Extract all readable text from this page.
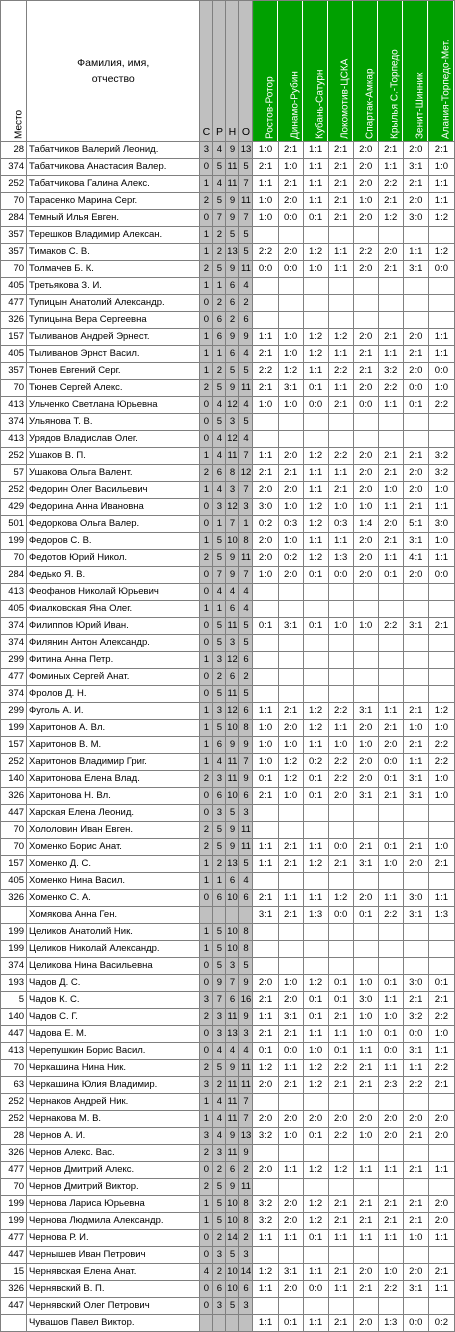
Место	Фамилия, имя,
отчество	С	Р	Н	О	Ростов-Ротор	Динамо-Рубин	Кубань-Сатурн	Локомотив-ЦСКА	Спартак-Амкар	Крылья С.-Торпедо	Зенит-Шинник	Алания-Торпедо-Мет.
28	Табатчиков Валерий Леонид.	3	4	9	13	1:0	2:1	1:1	2:1	2:0	2:1	2:0	2:1
374	Табатчикова Анастасия Валер.	0	5	11	5	2:1	1:0	1:1	2:1	2:0	1:1	3:1	1:0
252	Табатчикова Галина Алекс.	1	4	11	7	1:1	2:1	1:1	2:1	2:0	2:2	2:1	1:1
70	Тарасенко Марина Серг.	2	5	9	11	1:0	2:0	1:1	2:1	1:0	2:1	2:0	1:1
284	Темный Илья Евген.	0	7	9	7	1:0	0:0	0:1	2:1	2:0	1:2	3:0	1:2
357	Терешков Владимир Алексан.	1	2	5	5								
357	Тимаков С. В.	1	2	13	5	2:2	2:0	1:2	1:1	2:2	2:0	1:1	1:2
70	Толмачев Б. К.	2	5	9	11	0:0	0:0	1:0	1:1	2:0	2:1	3:1	0:0
405	Третьякова З. И.	1	1	6	4								
477	Тупицын Анатолий Александр.	0	2	6	2								
326	Тупицына Вера Сергеевна	0	6	2	6								
157	Тыливанов Андрей Эрнест.	1	6	9	9	1:1	1:0	1:2	1:2	2:0	2:1	2:0	1:1
405	Тыливанов Эрнст Васил.	1	1	6	4	2:1	1:0	1:2	1:1	2:1	1:1	2:1	1:1
357	Тюнев Евгений Серг.	1	2	5	5	2:2	1:2	1:1	2:2	2:1	3:2	2:0	0:0
70	Тюнев Сергей Алекс.	2	5	9	11	2:1	3:1	0:1	1:1	2:0	2:2	0:0	1:0
413	Ульченко Светлана Юрьевна	0	4	12	4	1:0	1:0	0:0	2:1	0:0	1:1	0:1	2:2
374	Ульянова Т. В.	0	5	3	5								
413	Урядов Владислав Олег.	0	4	12	4								
252	Ушаков В. П.	1	4	11	7	1:1	2:0	1:2	2:2	2:0	2:1	2:1	3:2
57	Ушакова Ольга Валент.	2	6	8	12	2:1	2:1	1:1	1:1	2:0	2:1	2:0	3:2
252	Федорин Олег Васильевич	1	4	3	7	2:0	2:0	1:1	2:1	2:0	1:0	2:0	1:0
429	Федорина Анна Ивановна	0	3	12	3	3:0	1:0	1:2	1:0	1:0	1:1	2:1	1:1
501	Федоркова Ольга Валер.	0	1	7	1	0:2	0:3	1:2	0:3	1:4	2:0	5:1	3:0
199	Федоров С. В.	1	5	10	8	2:0	1:0	1:1	1:1	2:0	2:1	3:1	1:0
70	Федотов Юрий Никол.	2	5	9	11	2:0	0:2	1:2	1:3	2:0	1:1	4:1	1:1
284	Федько Я. В.	0	7	9	7	1:0	2:0	0:1	0:0	2:0	0:1	2:0	0:0
413	Феофанов Николай Юрьевич	0	4	4	4								
405	Фиалковская Яна Олег.	1	1	6	4								
374	Филиппов Юрий Иван.	0	5	11	5	0:1	3:1	0:1	1:0	1:0	2:2	3:1	2:1
374	Филянин Антон Александр.	0	5	3	5								
299	Фитина Анна Петр.	1	3	12	6								
477	Фоминых Сергей Анат.	0	2	6	2								
374	Фролов Д. Н.	0	5	11	5								
299	Фуголь А. И.	1	3	12	6	1:1	2:1	1:2	2:2	3:1	1:1	2:1	1:2
199	Харитонов А. Вл.	1	5	10	8	1:0	2:0	1:2	1:1	2:0	2:1	1:0	1:0
157	Харитонов В. М.	1	6	9	9	1:0	1:0	1:1	1:0	1:0	2:0	2:1	2:2
252	Харитонов Владимир Григ.	1	4	11	7	1:0	1:2	0:2	2:2	2:0	0:0	1:1	2:2
140	Харитонова Елена Влад.	2	3	11	9	0:1	1:2	0:1	2:2	2:0	0:1	3:1	1:0
326	Харитонова Н. Вл.	0	6	10	6	2:1	1:0	0:1	2:0	3:1	2:1	3:1	1:0
447	Харская Елена Леонид.	0	3	5	3								
70	Хололовин Иван Евген.	2	5	9	11								
70	Хоменко Борис Анат.	2	5	9	11	1:1	2:1	1:1	0:0	2:1	0:1	2:1	1:0
157	Хоменко Д. С.	1	2	13	5	1:1	2:1	1:2	2:1	3:1	1:0	2:0	2:1
405	Хоменко Нина Васил.	1	1	6	4								
326	Хоменко С. А.	0	6	10	6	2:1	1:1	1:1	1:2	2:0	1:1	3:0	1:1
	Хомякова Анна Ген.					3:1	2:1	1:3	0:0	0:1	2:2	3:1	1:3
199	Целиков Анатолий Ник.	1	5	10	8								
199	Целиков Николай Александр.	1	5	10	8								
374	Целикова Нина Васильевна	0	5	3	5								
193	Чадов Д. С.	0	9	7	9	2:0	1:0	1:2	0:1	1:0	0:1	3:0	0:1
5	Чадов К. С.	3	7	6	16	2:1	2:0	0:1	0:1	3:0	1:1	2:1	2:1
140	Чадов С. Г.	2	3	11	9	1:1	3:1	0:1	2:1	1:0	1:0	3:2	2:2
447	Чадова Е. М.	0	3	13	3	2:1	2:1	1:1	1:1	1:0	0:1	0:0	1:0
413	Черепушкин Борис Васил.	0	4	4	4	0:1	0:0	1:0	0:1	1:1	0:0	3:1	1:1
70	Черкашина Нина Ник.	2	5	9	11	1:2	1:1	1:2	2:2	2:1	1:1	1:1	2:2
63	Черкашина Юлия Владимир.	3	2	11	11	2:0	2:1	1:2	2:1	2:1	2:3	2:2	2:1
252	Чернаков Андрей Ник.	1	4	11	7								
252	Чернакова М. В.	1	4	11	7	2:0	2:0	2:0	2:0	2:0	2:0	2:0	2:0
28	Чернов А. И.	3	4	9	13	3:2	1:0	0:1	2:2	1:0	2:0	2:1	2:0
326	Чернов Алекс. Вас.	2	3	11	9								
477	Чернов Дмитрий Алекс.	0	2	6	2	2:0	1:1	1:2	1:2	1:1	1:1	2:1	1:1
70	Чернов Дмитрий Виктор.	2	5	9	11								
199	Чернова Лариса Юрьевна	1	5	10	8	3:2	2:0	1:2	2:1	2:1	2:1	2:1	2:0
199	Чернова Людмила Александр.	1	5	10	8	3:2	2:0	1:2	2:1	2:1	2:1	2:1	2:0
477	Чернова Р. И.	0	2	14	2	1:1	1:1	0:1	1:1	1:1	1:1	1:0	1:1
447	Чернышев Иван Петрович	0	3	5	3								
15	Чернявская Елена Анат.	4	2	10	14	1:2	3:1	1:1	2:1	2:0	1:0	2:0	2:1
326	Чернявский В. П.	0	6	10	6	1:1	2:0	0:0	1:1	2:1	2:2	3:1	1:1
447	Чернявский Олег Петрович	0	3	5	3								
	Чувашов Павел Виктор.					1:1	0:1	1:1	2:1	2:0	1:3	0:0	0:2
